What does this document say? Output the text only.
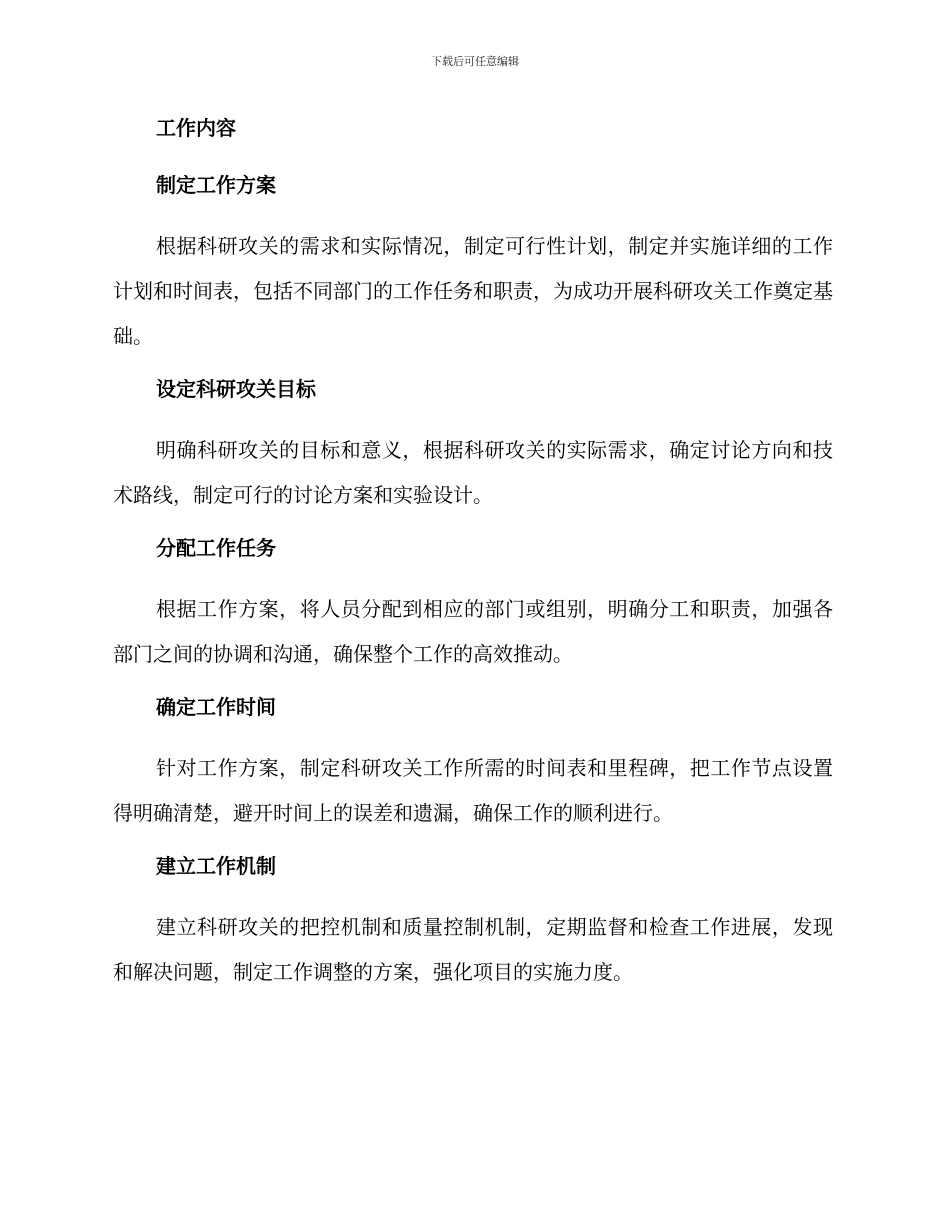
下载后可任意编辑
工作内容
制定工作方案

根据科研攻关的需求和实际情况，制定可行性计划，制定并实施详细的工作计划和时间表，包括不同部门的工作任务和职责，为成功开展科研攻关工作奠定基础。

设定科研攻关目标

明确科研攻关的目标和意义，根据科研攻关的实际需求，确定讨论方向和技术路线，制定可行的讨论方案和实验设计。

分配工作任务

根据工作方案，将人员分配到相应的部门或组别，明确分工和职责，加强各部门之间的协调和沟通，确保整个工作的高效推动。

确定工作时间

针对工作方案，制定科研攻关工作所需的时间表和里程碑，把工作节点设置得明确清楚，避开时间上的误差和遗漏，确保工作的顺利进行。

建立工作机制

建立科研攻关的把控机制和质量控制机制，定期监督和检查工作进展，发现和解决问题，制定工作调整的方案，强化项目的实施力度。
